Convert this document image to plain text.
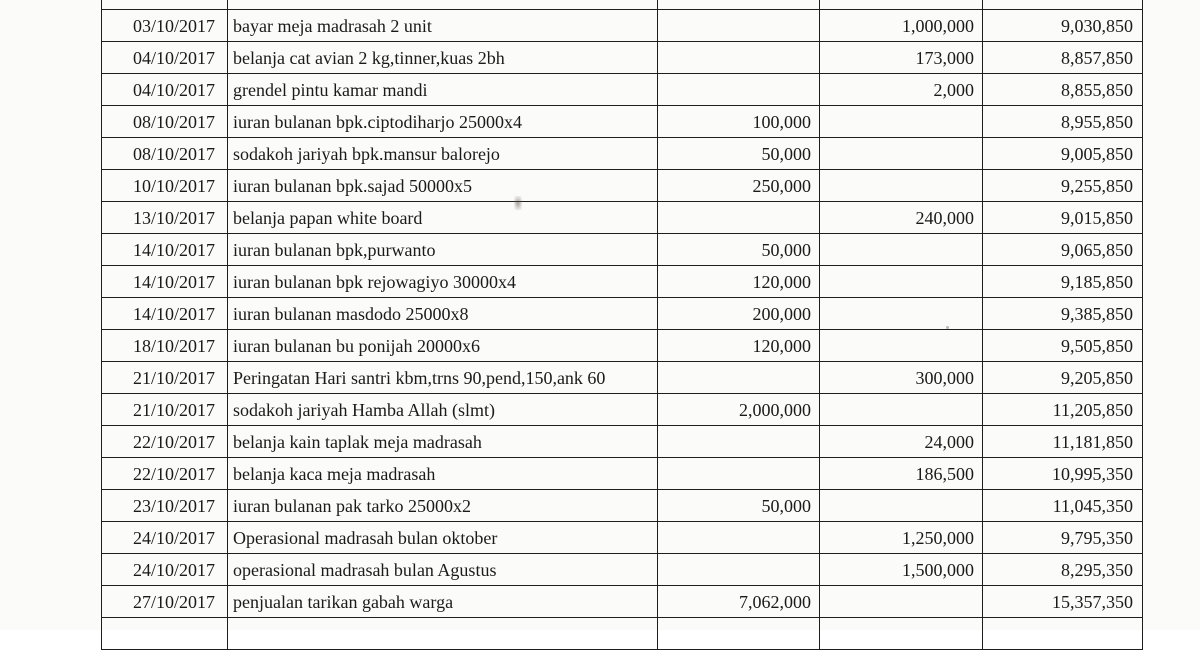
03/10/2017	bayar meja madrasah 2 unit		1,000,000	9,030,850
04/10/2017	belanja cat avian 2 kg,tinner,kuas 2bh		173,000	8,857,850
04/10/2017	grendel pintu kamar mandi		2,000	8,855,850
08/10/2017	iuran bulanan bpk.ciptodiharjo 25000x4	100,000		8,955,850
08/10/2017	sodakoh jariyah bpk.mansur balorejo	50,000		9,005,850
10/10/2017	iuran bulanan bpk.sajad 50000x5	250,000		9,255,850
13/10/2017	belanja papan white board		240,000	9,015,850
14/10/2017	iuran bulanan bpk,purwanto	50,000		9,065,850
14/10/2017	iuran bulanan bpk rejowagiyo 30000x4	120,000		9,185,850
14/10/2017	iuran bulanan masdodo 25000x8	200,000		9,385,850
18/10/2017	iuran bulanan bu ponijah 20000x6	120,000		9,505,850
21/10/2017	Peringatan Hari santri kbm,trns 90,pend,150,ank 60		300,000	9,205,850
21/10/2017	sodakoh jariyah Hamba Allah (slmt)	2,000,000		11,205,850
22/10/2017	belanja kain taplak meja madrasah		24,000	11,181,850
22/10/2017	belanja kaca meja madrasah		186,500	10,995,350
23/10/2017	iuran bulanan pak tarko 25000x2	50,000		11,045,350
24/10/2017	Operasional madrasah bulan oktober		1,250,000	9,795,350
24/10/2017	operasional madrasah bulan Agustus		1,500,000	8,295,350
27/10/2017	penjualan tarikan gabah warga	7,062,000		15,357,350
